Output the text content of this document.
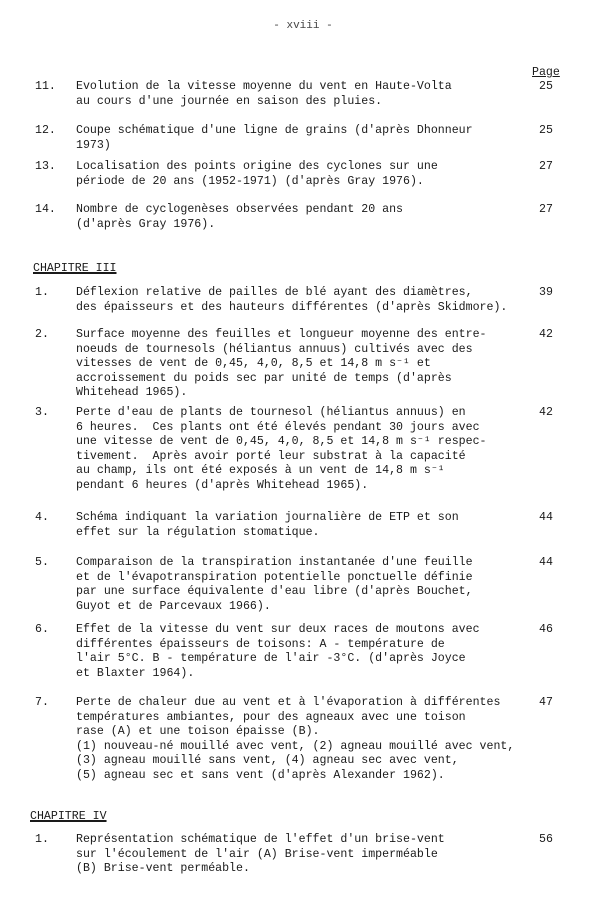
- xviii -
Page
11. Evolution de la vitesse moyenne du vent en Haute-Volta
au cours d'une journée en saison des pluies.
25
12. Coupe schématique d'une ligne de grains (d'après Dhonneur
1973)
25
13. Localisation des points origine des cyclones sur une
période de 20 ans (1952-1971) (d'après Gray 1976).
27
14. Nombre de cyclogenèses observées pendant 20 ans
(d'après Gray 1976).
27
CHAPITRE III
1. Déflexion relative de pailles de blé ayant des diamètres,
des épaisseurs et des hauteurs différentes (d'après Skidmore).
39
2. Surface moyenne des feuilles et longueur moyenne des entre-
noeuds de tournesols (héliantus annuus) cultivés avec des
vitesses de vent de 0,45, 4,0, 8,5 et 14,8 m s⁻¹ et
accroissement du poids sec par unité de temps (d'après
Whitehead 1965).
42
3. Perte d'eau de plants de tournesol (héliantus annuus) en
6 heures.  Ces plants ont été élevés pendant 30 jours avec
une vitesse de vent de 0,45, 4,0, 8,5 et 14,8 m s⁻¹ respec-
tivement.  Après avoir porté leur substrat à la capacité
au champ, ils ont été exposés à un vent de 14,8 m s⁻¹
pendant 6 heures (d'après Whitehead 1965).
42
4. Schéma indiquant la variation journalière de ETP et son
effet sur la régulation stomatique.
44
5. Comparaison de la transpiration instantanée d'une feuille
et de l'évapotranspiration potentielle ponctuelle définie
par une surface équivalente d'eau libre (d'après Bouchet,
Guyot et de Parcevaux 1966).
44
6. Effet de la vitesse du vent sur deux races de moutons avec
différentes épaisseurs de toisons: A - température de
l'air 5°C. B - température de l'air -3°C. (d'après Joyce
et Blaxter 1964).
46
7. Perte de chaleur due au vent et à l'évaporation à différentes
températures ambiantes, pour des agneaux avec une toison
rase (A) et une toison épaisse (B).
(1) nouveau-né mouillé avec vent, (2) agneau mouillé avec vent,
(3) agneau mouillé sans vent, (4) agneau sec avec vent,
(5) agneau sec et sans vent (d'après Alexander 1962).
47
CHAPITRE IV
1. Représentation schématique de l'effet d'un brise-vent
sur l'écoulement de l'air (A) Brise-vent imperméable
(B) Brise-vent perméable.
56
